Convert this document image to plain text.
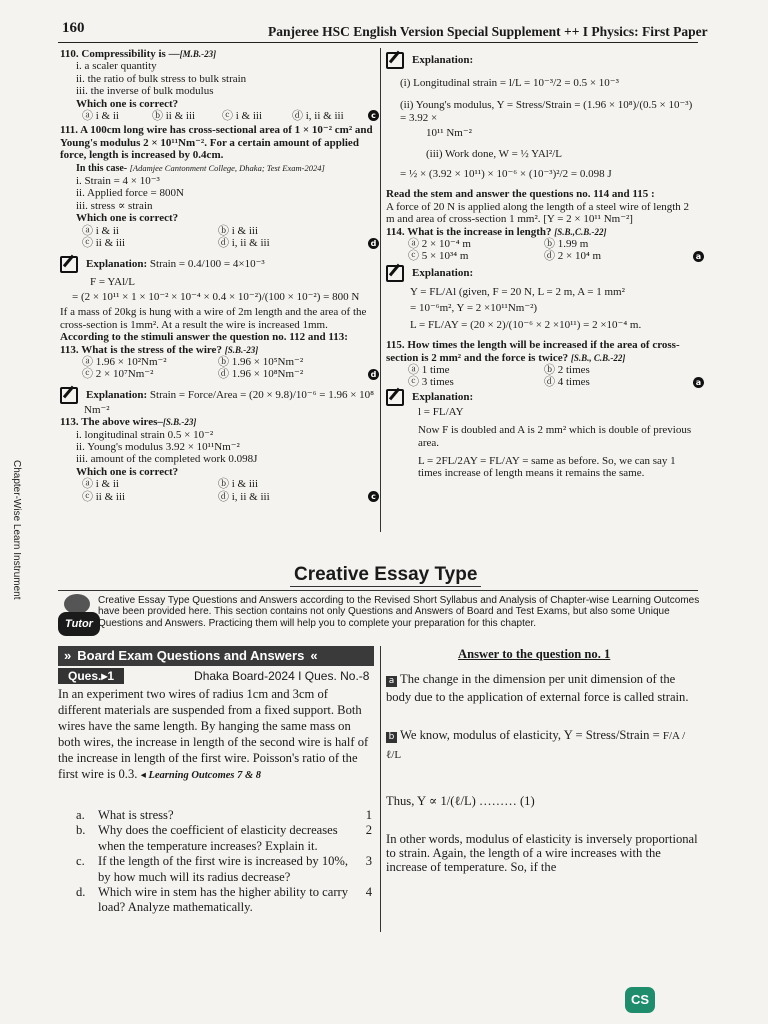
160	Panjeree HSC English Version Special Supplement ++ I Physics: First Paper
Chapter-Wise Learn Instrument
110. Compressibility is —[M.B.-23]
i. a scaler quantity
ii. the ratio of bulk stress to bulk strain
iii. the inverse of bulk modulus
Which one is correct?
ⓐ i & ii	ⓑ ii & iii	ⓒ i & iii	ⓓ i, ii & iii	c
111. A 100cm long wire has cross-sectional area of 1 × 10⁻² cm² and Young's modulus 2 × 10¹¹Nm⁻². For a certain amount of applied force, length is increased by 0.4cm.
In this case- [Adamjee Cantonment College, Dhaka; Test Exam-2024]
i. Strain = 4 × 10⁻³
ii. Applied force = 800N
iii. stress ∝ strain
Which one is correct?
ⓐ i & ii	ⓑ i & iii
ⓒ ii & iii	ⓓ i, ii & iii	d
Explanation: Strain = 0.4/100 = 4×10⁻³
F = YAl/L
= (2 × 10¹¹ × 1 × 10⁻² × 10⁻⁴ × 0.4 × 10⁻²)/(100 × 10⁻²) = 800 N
If a mass of 20kg is hung with a wire of 2m length and the area of the cross-section is 1mm². At a result the wire is increased 1mm.
According to the stimuli answer the question no. 112 and 113:
113. What is the stress of the wire? [S.B.-23]
ⓐ 1.96 × 10²Nm⁻²	ⓑ 1.96 × 10⁵Nm⁻²
ⓒ 2 × 10⁷Nm⁻²	ⓓ 1.96 × 10⁸Nm⁻²	d
Explanation: Strain = Force/Area = (20 × 9.8)/10⁻⁶ = 1.96 × 10⁸
Nm⁻²
113. The above wires–[S.B.-23]
i. longitudinal strain 0.5 × 10⁻²
ii. Young's modulus 3.92 × 10¹¹Nm⁻²
iii. amount of the completed work 0.098J
Which one is correct?
ⓐ i & ii	ⓑ i & iii
ⓒ ii & iii	ⓓ i, ii & iii	c
Explanation:
(i) Longitudinal strain = l/L = 10⁻³/2 = 0.5 × 10⁻³
(ii) Young's modulus, Y = Stress/Strain = (1.96 × 10⁸)/(0.5 × 10⁻³) = 3.92 ×
10¹¹ Nm⁻²
(iii) Work done, W = ½ YAl²/L
= ½ × (3.92 × 10¹¹) × 10⁻⁶ × (10⁻³)²/2 = 0.098 J
Read the stem and answer the questions no. 114 and 115 :
A force of 20 N is applied along the length of a steel wire of length 2 m and area of cross-section 1 mm². [Y = 2 × 10¹¹ Nm⁻²]
114. What is the increase in length? [S.B.,C.B.-22]
ⓐ 2 × 10⁻⁴ m	ⓑ 1.99 m
ⓒ 5 × 10³⁴ m	ⓓ 2 × 10⁴ m	a
Explanation:
Y = FL/Al (given, F = 20 N, L = 2 m, A = 1 mm²
= 10⁻⁶m², Y = 2 ×10¹¹Nm⁻²)
L = FL/AY = (20 × 2)/(10⁻⁶ × 2 ×10¹¹) = 2 ×10⁻⁴ m.
115. How times the length will be increased if the area of cross-section is 2 mm² and the force is twice? [S.B., C.B.-22]
ⓐ 1 time	ⓑ 2 times
ⓒ 3 times	ⓓ 4 times	a
Explanation:
l = FL/AY
Now F is doubled and A is 2 mm² which is double of previous area.
L = 2FL/2AY = FL/AY = same as before. So, we can say 1 times increase of length means it remains the same.
Creative Essay Type
Tutor
Creative Essay Type Questions and Answers according to the Revised Short Syllabus and Analysis of Chapter-wise Learning Outcomes have been provided here. This section contains not only Questions and Answers of Board and Test Exams, but also some Unique Questions and Answers. Practicing them will help you to complete your preparation for this chapter.
» Board Exam Questions and Answers «
Ques.▸1	Dhaka Board-2024 I Ques. No.-8
In an experiment two wires of radius 1cm and 3cm of different materials are suspended from a fixed support. Both wires have the same length. By hanging the same mass on both wires, the increase in length of the second wire is half of the increase in length of the first wire. Poisson's ratio of the first wire is 0.3. ◂ Learning Outcomes 7 & 8
a. What is stress?	1
b. Why does the coefficient of elasticity decreases when the temperature increases? Explain it.
2
c. If the length of the first wire is increased by 10%, by how much will its radius decrease?
3
d. Which wire in stem has the higher ability to carry load? Analyze mathematically.
4
Answer to the question no. 1
a The change in the dimension per unit dimension of the body due to the application of external force is called strain.
b We know, modulus of elasticity, Y = Stress/Strain = F/A / ℓ/L
Thus, Y ∝ 1/(ℓ/L) ……… (1)
In other words, modulus of elasticity is inversely proportional to strain. Again, the length of a wire increases with the increase of temperature. So, if the
CS
